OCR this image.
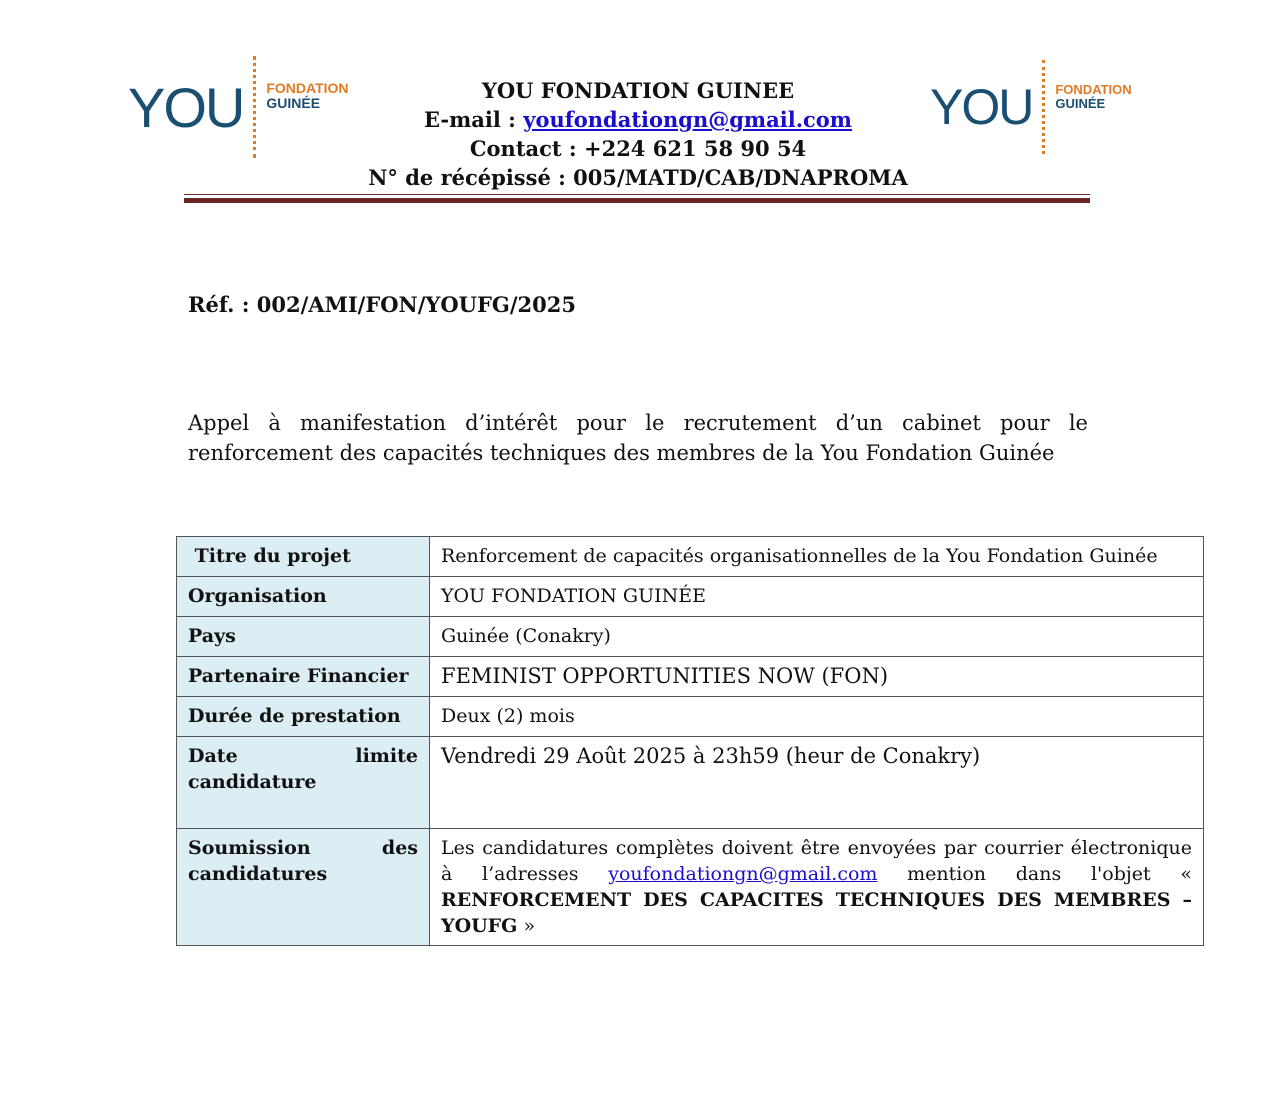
YOU FONDATION
GUINÉE	YOU FONDATION GUINEE
E-mail : youfondationgn@gmail.com
Contact : +224 621 58 90 54
N° de récépissé : 005/MATD/CAB/DNAPROMA
YOU FONDATION
GUINÉE
Réf. : 002/AMI/FON/YOUFG/2025
Appel à manifestation d’intérêt pour le recrutement d’un cabinet pour le renforcement des capacités techniques des membres de la You Fondation Guinée
Titre du projet	Renforcement de capacités organisationnelles de la You Fondation Guinée
Organisation	YOU FONDATION GUINÉE
Pays	Guinée (Conakry)
Partenaire Financier	FEMINIST OPPORTUNITIES NOW (FON)
Durée de prestation	Deux (2) mois

Date limite
candidature	Vendredi 29 Août 2025 à 23h59 (heur de Conakry)

Soumission des
candidatures	Les candidatures complètes doivent être envoyées par courrier électronique à l’adresses youfondationgn@gmail.com mention dans l'objet « RENFORCEMENT DES CAPACITES TECHNIQUES DES MEMBRES – YOUFG »
